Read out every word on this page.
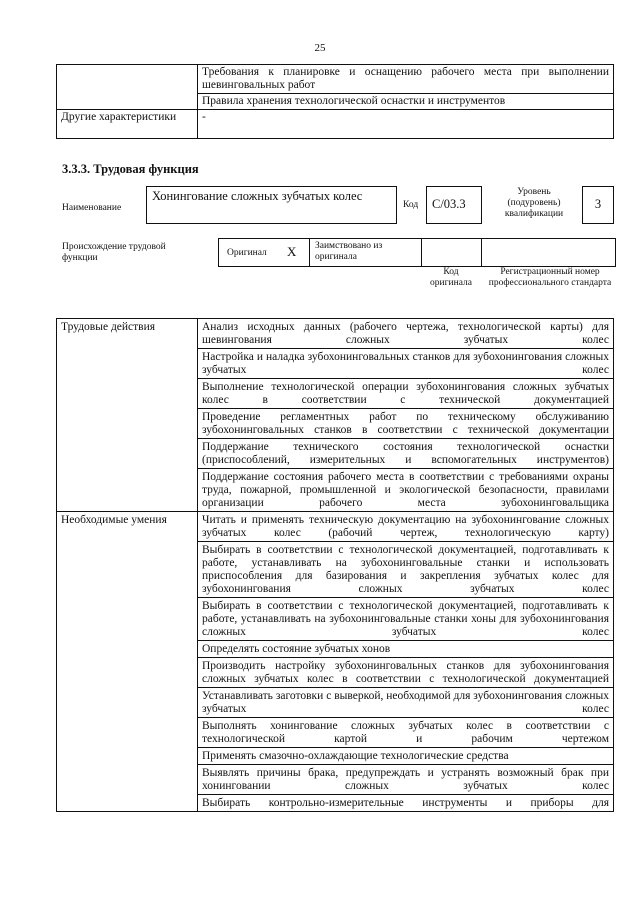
25
	Требования к планировке и оснащению рабочего места при выполнении шевинговальных работ
	Правила хранения технологической оснастки и инструментов
Другие характеристики	-
3.3.3. Трудовая функция
Наименование
Хонингование сложных зубчатых колес
Код	С/03.3
Уровень (подуровень) квалификации
3
Происхождение трудовой функции	Оригинал X Заимствовано из оригинала
Код оригинала
Регистрационный номер профессионального стандарта
Трудовые действия	Анализ исходных данных (рабочего чертежа, технологической карты) для шевингования сложных зубчатых колес
	Настройка и наладка зубохонинговальных станков для зубохонингования сложных зубчатых колес
	Выполнение технологической операции зубохонингования сложных зубчатых колес в соответствии с технической документацией
	Проведение регламентных работ по техническому обслуживанию зубохонинговальных станков в соответствии с технической документации
	Поддержание технического состояния технологической оснастки (приспособлений, измерительных и вспомогательных инструментов)
	Поддержание состояния рабочего места в соответствии с требованиями охраны труда, пожарной, промышленной и экологической безопасности, правилами организации рабочего места зубохонинговальщика
Необходимые умения	Читать и применять техническую документацию на зубохонингование сложных зубчатых колес (рабочий чертеж, технологическую карту)
	Выбирать в соответствии с технологической документацией, подготавливать к работе, устанавливать на зубохонинговальные станки и использовать приспособления для базирования и закрепления зубчатых колес для зубохонингования сложных зубчатых колес
	Выбирать в соответствии с технологической документацией, подготавливать к работе, устанавливать на зубохонинговальные станки хоны для зубохонингования сложных зубчатых колес
	Определять состояние зубчатых хонов
	Производить настройку зубохонинговальных станков для зубохонингования сложных зубчатых колес в соответствии с технологической документацией
	Устанавливать заготовки с выверкой, необходимой для зубохонингования сложных зубчатых колес
	Выполнять хонингование сложных зубчатых колес в соответствии с технологической картой и рабочим чертежом
	Применять смазочно-охлаждающие технологические средства
	Выявлять причины брака, предупреждать и устранять возможный брак при хонинговании сложных зубчатых колес
	Выбирать контрольно-измерительные инструменты и приборы для
